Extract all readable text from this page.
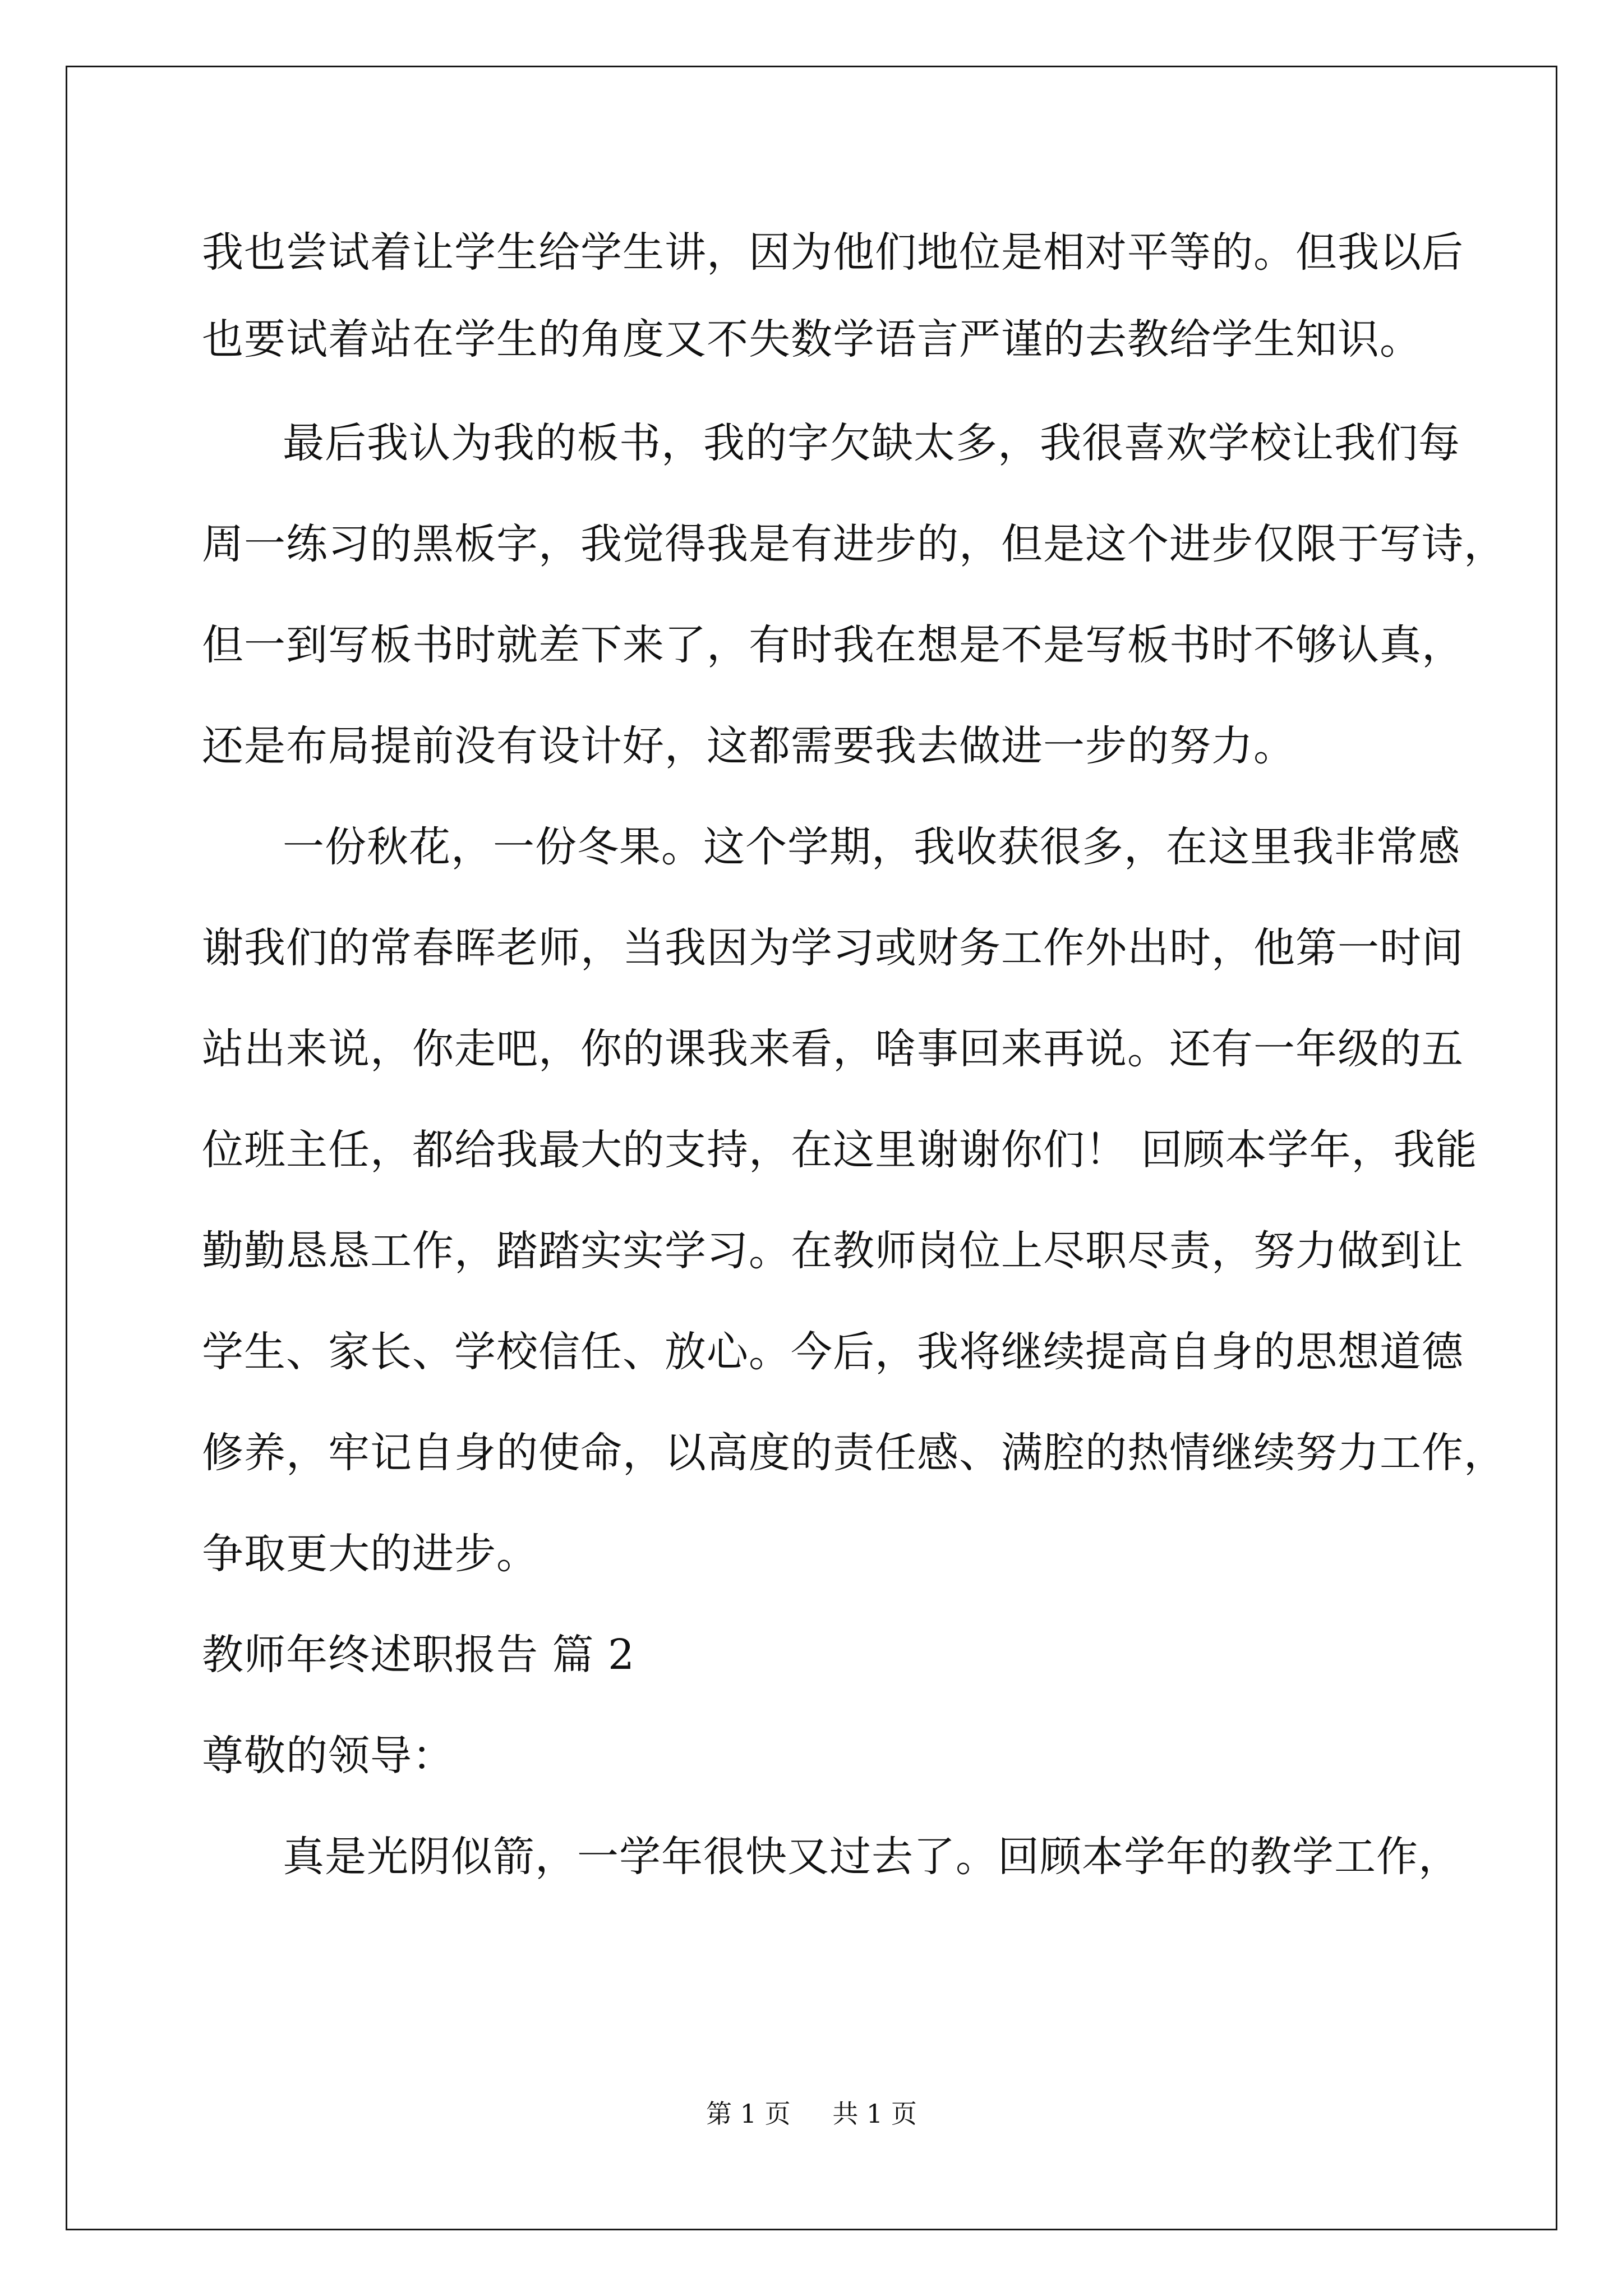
我也尝试着让学生给学生讲，因为他们地位是相对平等的。但我以后
也要试着站在学生的角度又不失数学语言严谨的去教给学生知识。
最后我认为我的板书，我的字欠缺太多，我很喜欢学校让我们每
周一练习的黑板字，我觉得我是有进步的，但是这个进步仅限于写诗，
但一到写板书时就差下来了，有时我在想是不是写板书时不够认真，
还是布局提前没有设计好，这都需要我去做进一步的努力。
一份秋花，一份冬果。这个学期，我收获很多，在这里我非常感
谢我们的常春晖老师，当我因为学习或财务工作外出时，他第一时间
站出来说，你走吧，你的课我来看，啥事回来再说。还有一年级的五
位班主任，都给我最大的支持，在这里谢谢你们！ 回顾本学年，我能
勤勤恳恳工作，踏踏实实学习。在教师岗位上尽职尽责，努力做到让
学生、家长、学校信任、放心。今后，我将继续提高自身的思想道德
修养，牢记自身的使命，以高度的责任感、满腔的热情继续努力工作，
争取更大的进步。
教师年终述职报告 篇 2
尊敬的领导：
真是光阴似箭，一学年很快又过去了。回顾本学年的教学工作，
第 1 页 共 1 页
